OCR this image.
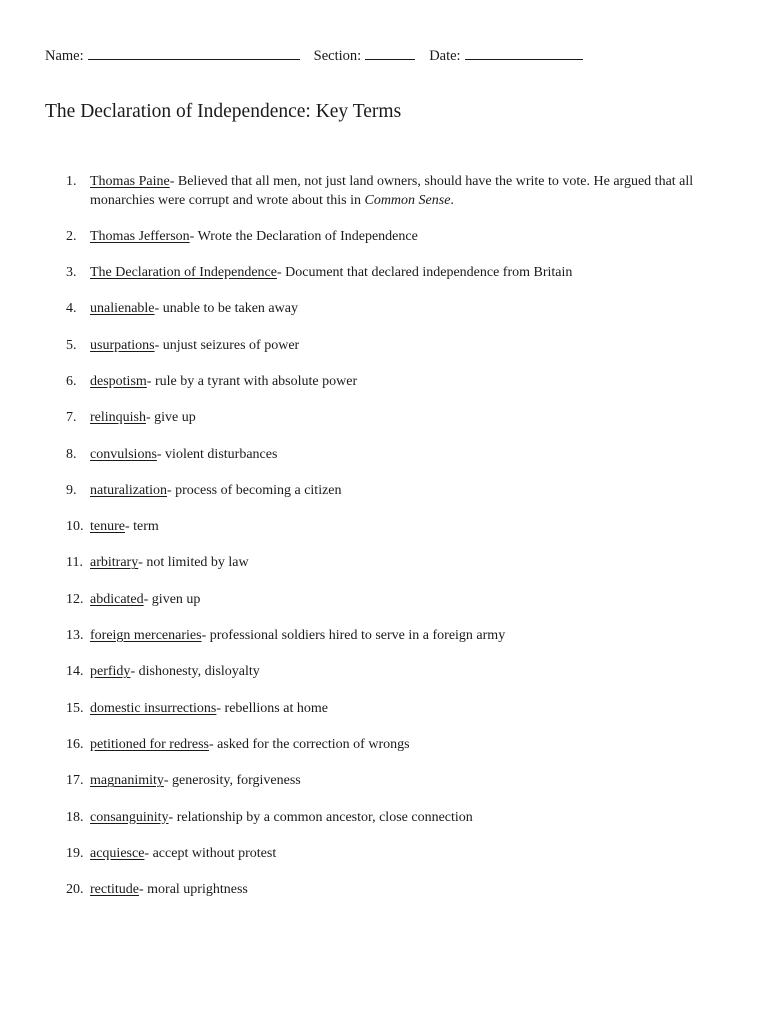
Name:	Section:	Date:
The Declaration of Independence: Key Terms
1. Thomas Paine- Believed that all men, not just land owners, should have the write to vote. He argued that all monarchies were corrupt and wrote about this in Common Sense.
2. Thomas Jefferson- Wrote the Declaration of Independence
3. The Declaration of Independence- Document that declared independence from Britain
4. unalienable- unable to be taken away
5. usurpations- unjust seizures of power
6. despotism- rule by a tyrant with absolute power
7. relinquish- give up
8. convulsions- violent disturbances
9. naturalization- process of becoming a citizen
10. tenure- term
11. arbitrary- not limited by law
12. abdicated- given up
13. foreign mercenaries- professional soldiers hired to serve in a foreign army
14. perfidy- dishonesty, disloyalty
15. domestic insurrections- rebellions at home
16. petitioned for redress- asked for the correction of wrongs
17. magnanimity- generosity, forgiveness
18. consanguinity- relationship by a common ancestor, close connection
19. acquiesce- accept without protest
20. rectitude- moral uprightness
